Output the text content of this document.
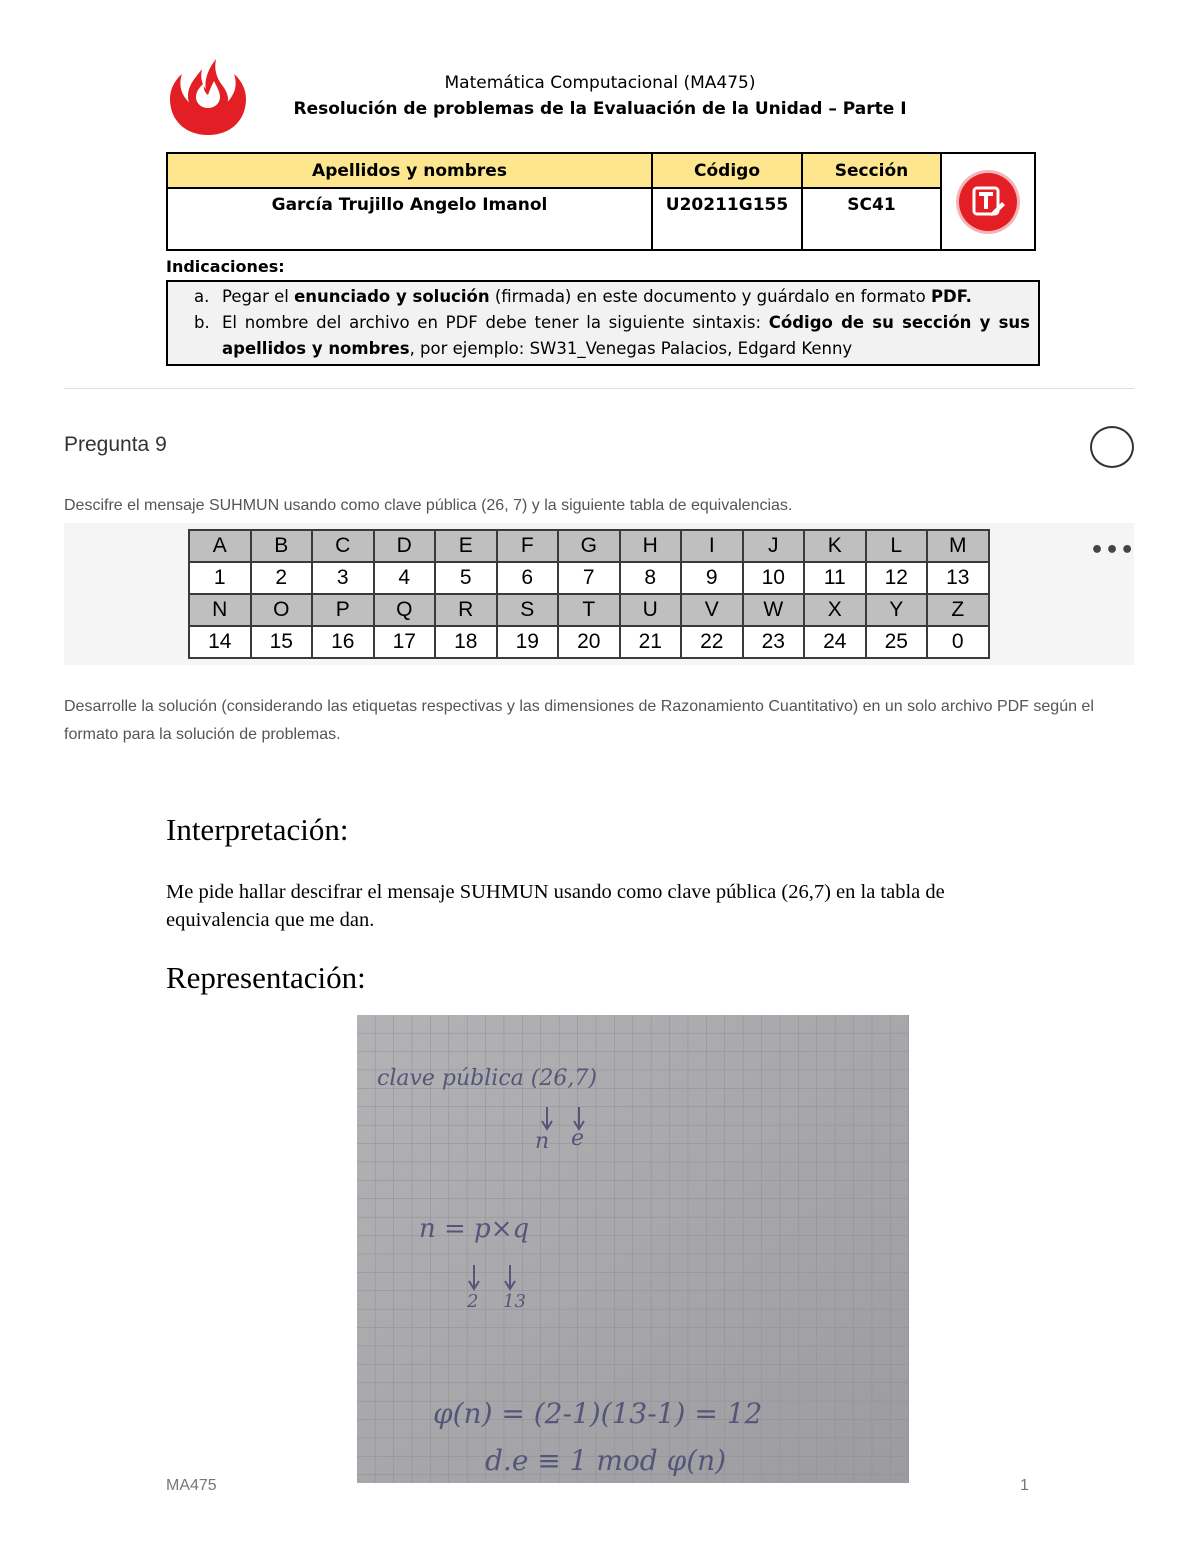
Matemática Computacional (MA475)
Resolución de problemas de la Evaluación de la Unidad – Parte I
Apellidos y nombres	Código	Sección	

García Trujillo Angelo Imanol	U20211G155	SC41	
Indicaciones:
a. Pegar el enunciado y solución (firmada) en este documento y guárdalo en formato PDF.
b. El nombre del archivo en PDF debe tener la siguiente sintaxis: Código de su sección y sus apellidos y nombres, por ejemplo: SW31_Venegas Palacios, Edgard Kenny
Pregunta 9
Descifre el mensaje SUHMUN usando como clave pública (26, 7) y la siguiente tabla de equivalencias.
•••
A	B	C	D	E	F	G	H	I	J	K	L	M
1	2	3	4	5	6	7	8	9	10	11	12	13
N	O	P	Q	R	S	T	U	V	W	X	Y	Z
14	15	16	17	18	19	20	21	22	23	24	25	0
Desarrolle la solución (considerando las etiquetas respectivas y las dimensiones de Razonamiento Cuantitativo) en un solo archivo PDF según el formato para la solución de problemas.
Interpretación:
Me pide hallar descifrar el mensaje SUHMUN usando como clave pública (26,7) en la tabla de equivalencia que me dan.
Representación:
clave pública (26,7)
n e
n = p×q
2 13
φ(n) = (2-1)(13-1) = 12
d.e ≡ 1 mod φ(n)
MA475	1
